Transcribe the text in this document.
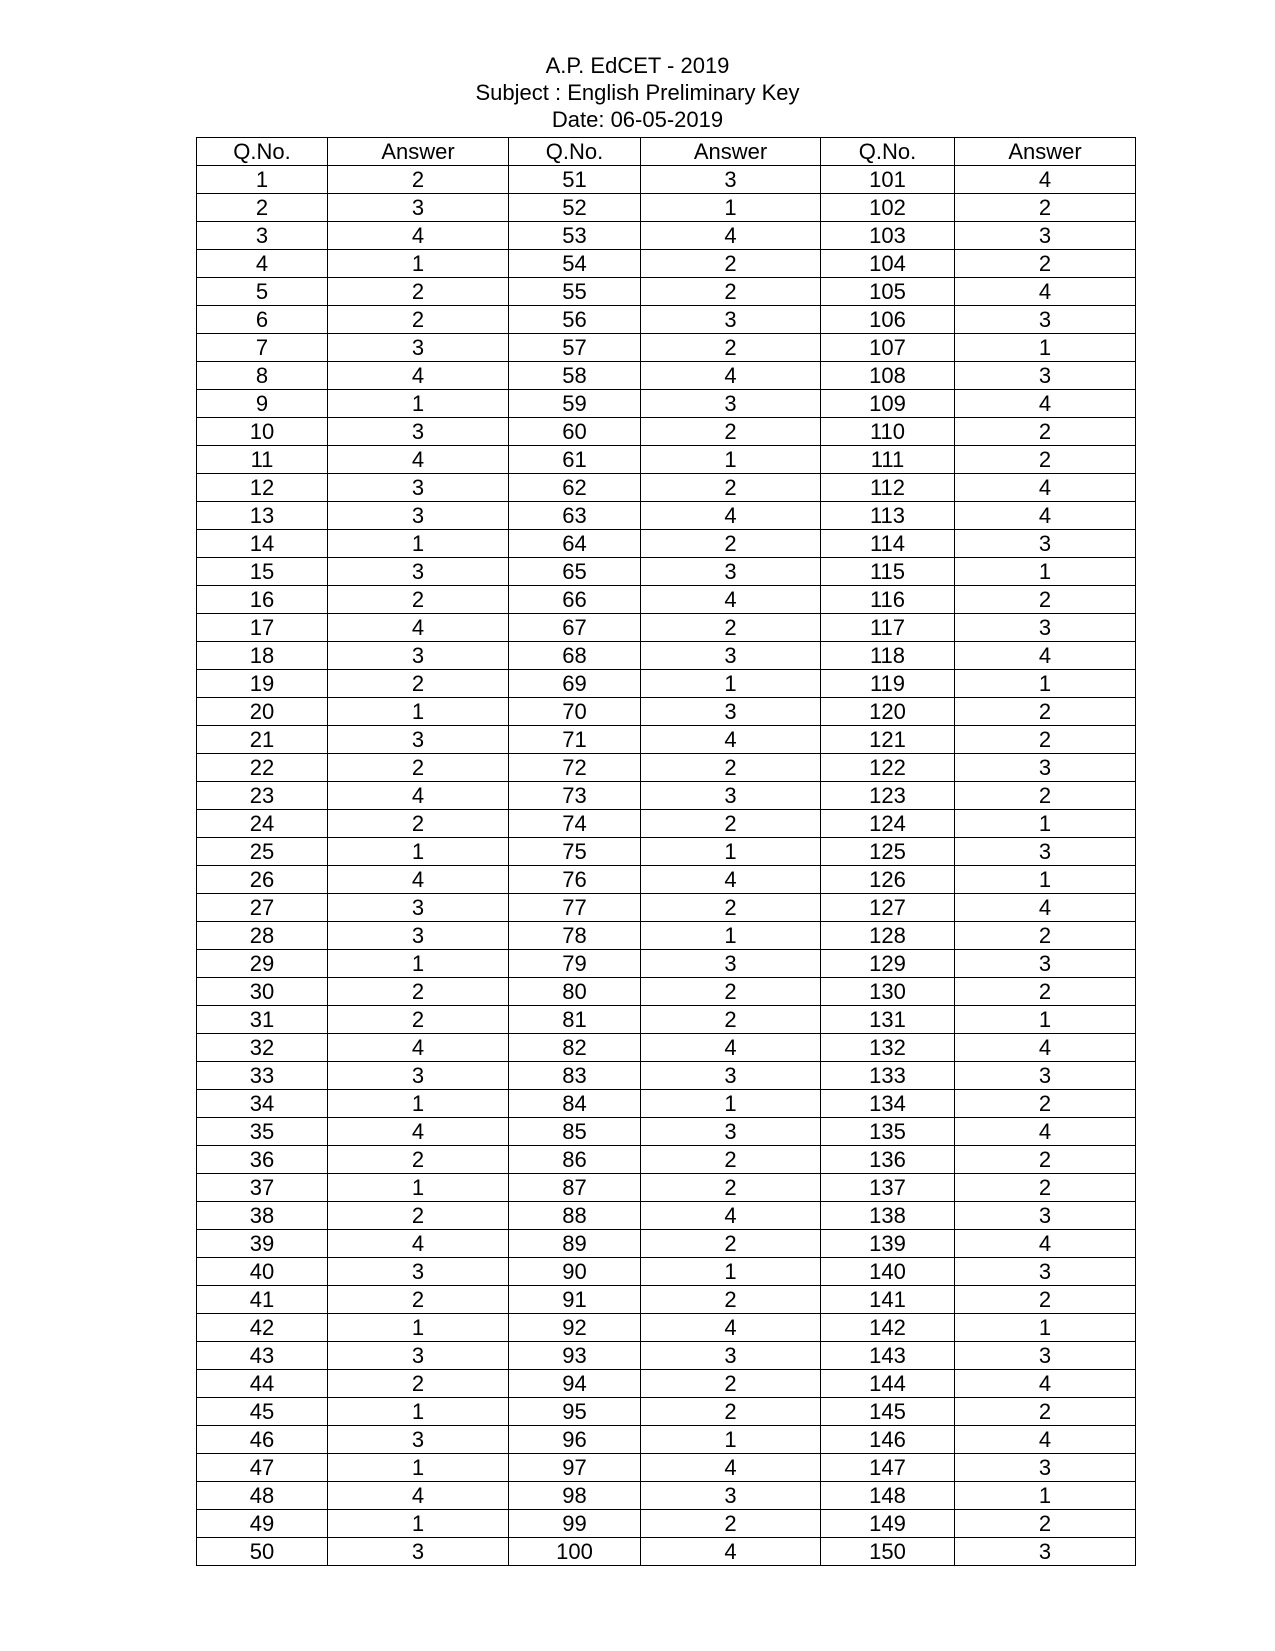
A.P. EdCET - 2019
Subject : English Preliminary Key
Date: 06-05-2019
Q.No.	Answer	Q.No.	Answer	Q.No.	Answer
1	2	51	3	101	4
2	3	52	1	102	2
3	4	53	4	103	3
4	1	54	2	104	2
5	2	55	2	105	4
6	2	56	3	106	3
7	3	57	2	107	1
8	4	58	4	108	3
9	1	59	3	109	4
10	3	60	2	110	2
11	4	61	1	111	2
12	3	62	2	112	4
13	3	63	4	113	4
14	1	64	2	114	3
15	3	65	3	115	1
16	2	66	4	116	2
17	4	67	2	117	3
18	3	68	3	118	4
19	2	69	1	119	1
20	1	70	3	120	2
21	3	71	4	121	2
22	2	72	2	122	3
23	4	73	3	123	2
24	2	74	2	124	1
25	1	75	1	125	3
26	4	76	4	126	1
27	3	77	2	127	4
28	3	78	1	128	2
29	1	79	3	129	3
30	2	80	2	130	2
31	2	81	2	131	1
32	4	82	4	132	4
33	3	83	3	133	3
34	1	84	1	134	2
35	4	85	3	135	4
36	2	86	2	136	2
37	1	87	2	137	2
38	2	88	4	138	3
39	4	89	2	139	4
40	3	90	1	140	3
41	2	91	2	141	2
42	1	92	4	142	1
43	3	93	3	143	3
44	2	94	2	144	4
45	1	95	2	145	2
46	3	96	1	146	4
47	1	97	4	147	3
48	4	98	3	148	1
49	1	99	2	149	2
50	3	100	4	150	3
